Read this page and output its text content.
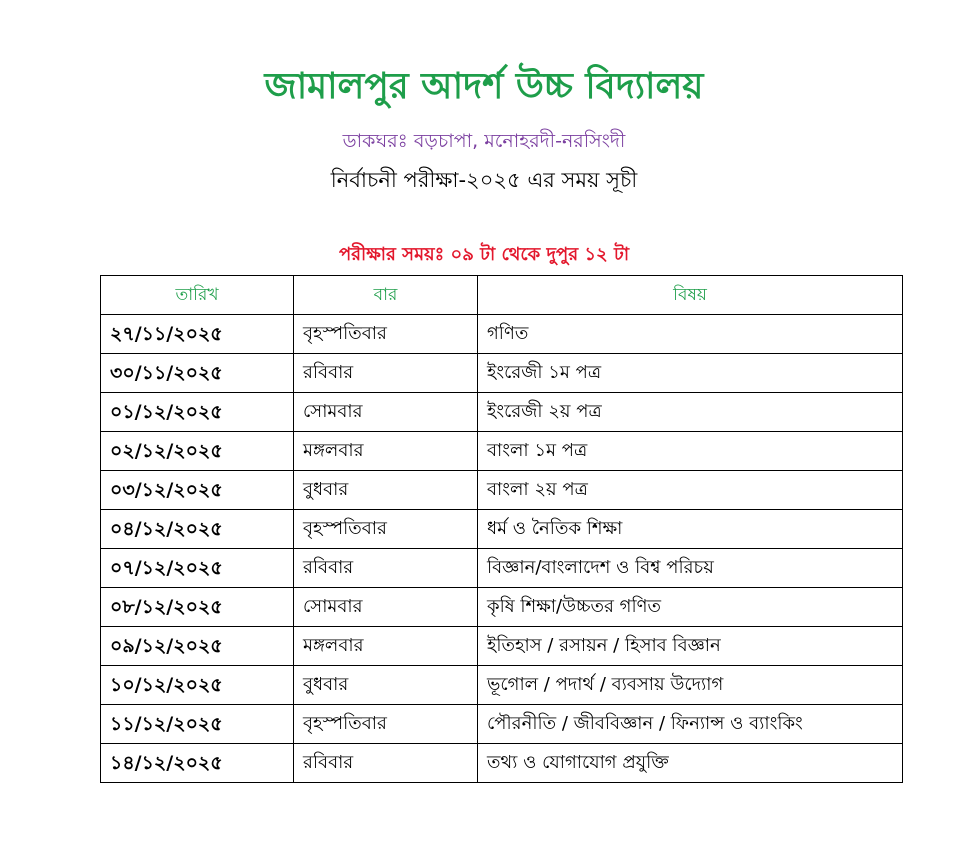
জামালপুর আদর্শ উচ্চ বিদ্যালয়
ডাকঘরঃ বড়চাপা, মনোহরদী-নরসিংদী
নির্বাচনী পরীক্ষা-২০২৫ এর সময় সূচী
পরীক্ষার সময়ঃ ০৯ টা থেকে দুপুর ১২ টা
তারিখ	বার	বিষয়
২৭/১১/২০২৫	বৃহস্পতিবার	গণিত
৩০/১১/২০২৫	রবিবার	ইংরেজী ১ম পত্র
০১/১২/২০২৫	সোমবার	ইংরেজী ২য় পত্র
০২/১২/২০২৫	মঙ্গলবার	বাংলা ১ম পত্র
০৩/১২/২০২৫	বুধবার	বাংলা ২য় পত্র
০৪/১২/২০২৫	বৃহস্পতিবার	ধর্ম ও নৈতিক শিক্ষা
০৭/১২/২০২৫	রবিবার	বিজ্ঞান/বাংলাদেশ ও বিশ্ব পরিচয়
০৮/১২/২০২৫	সোমবার	কৃষি শিক্ষা/উচ্চতর গণিত
০৯/১২/২০২৫	মঙ্গলবার	ইতিহাস / রসায়ন / হিসাব বিজ্ঞান
১০/১২/২০২৫	বুধবার	ভূগোল / পদার্থ / ব্যবসায় উদ্যোগ
১১/১২/২০২৫	বৃহস্পতিবার	পৌরনীতি / জীববিজ্ঞান / ফিন্যান্স ও ব্যাংকিং
১৪/১২/২০২৫	রবিবার	তথ্য ও যোগাযোগ প্রযুক্তি
